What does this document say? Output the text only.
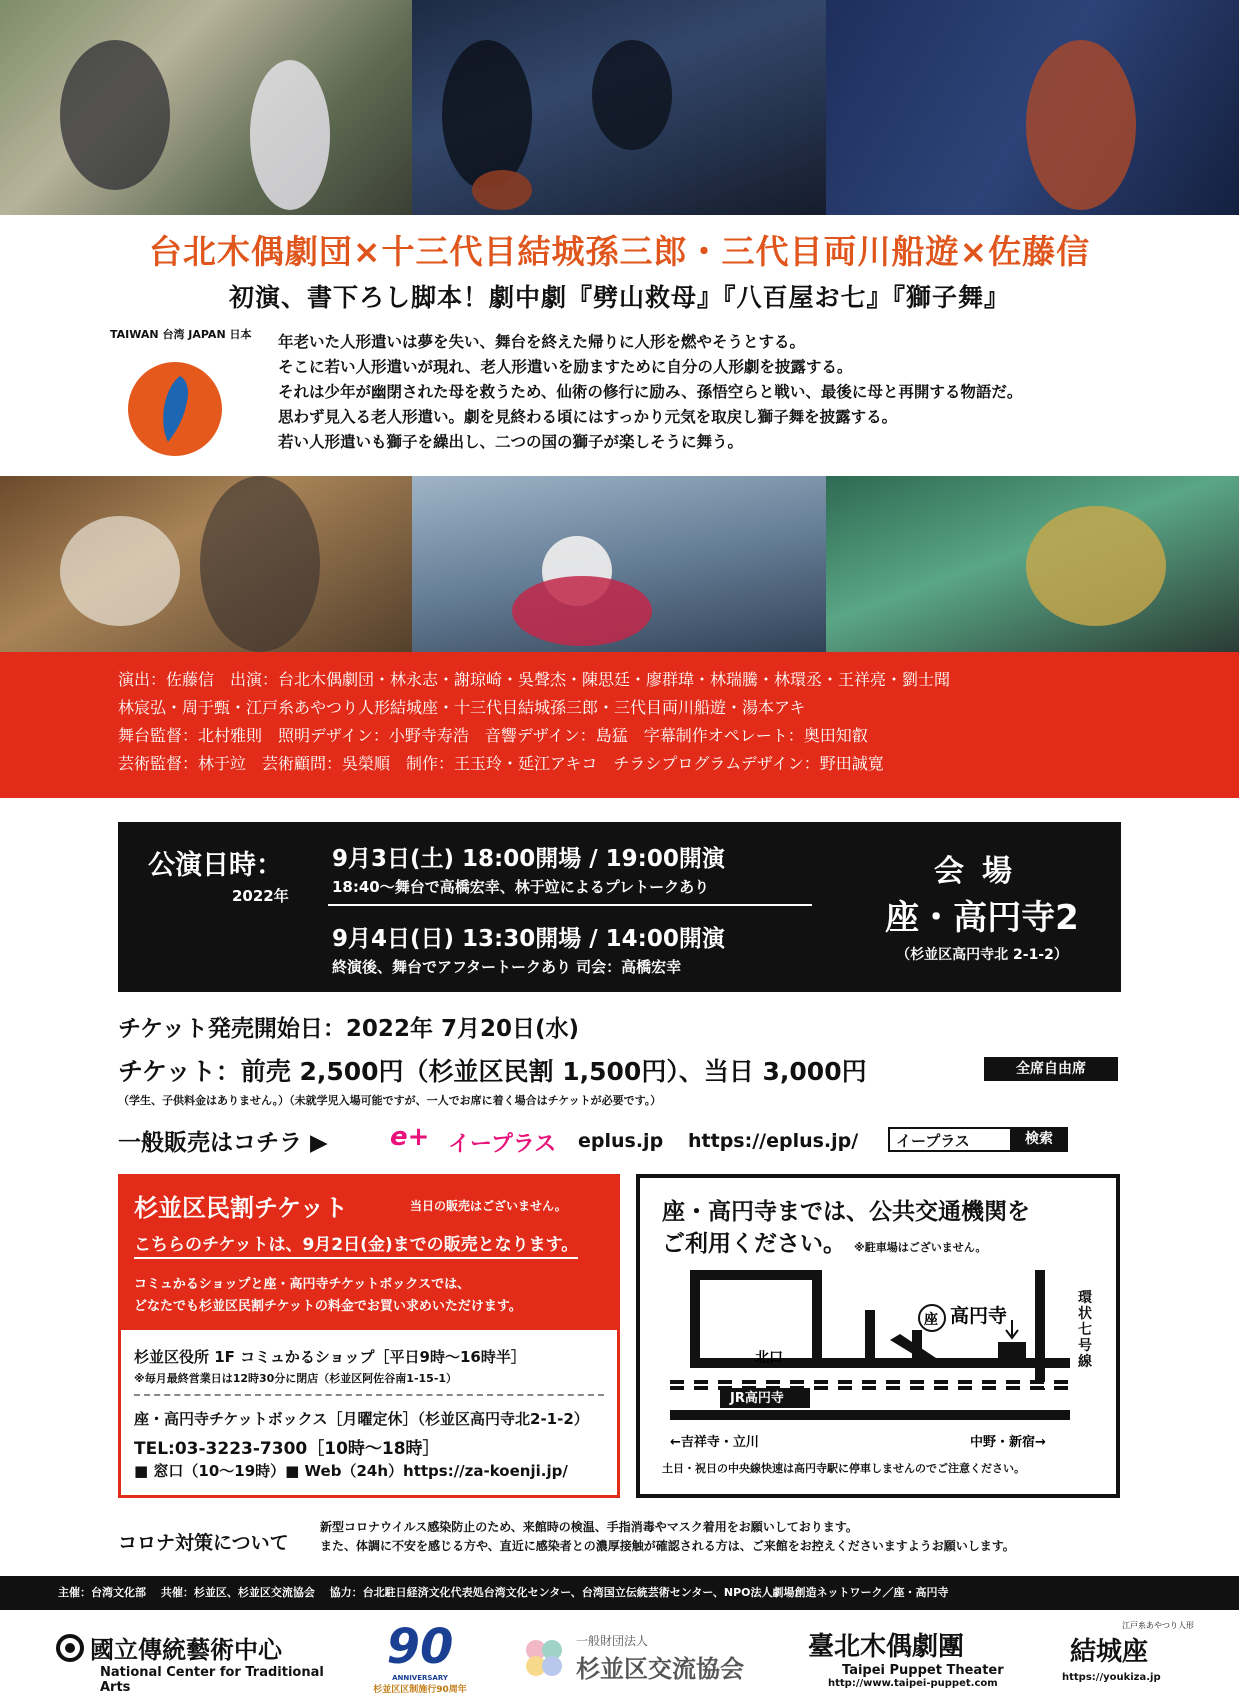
台北木偶劇団×十三代目結城孫三郎・三代目両川船遊×佐藤信
初演、書下ろし脚本！劇中劇『劈山救母』『八百屋お七』『獅子舞』
TAIWAN 台湾 JAPAN 日本 年老いた人形遣いは夢を失い、舞台を終えた帰りに人形を燃やそうとする。
そこに若い人形遣いが現れ、老人形遣いを励ますために自分の人形劇を披露する。
それは少年が幽閉された母を救うため、仙術の修行に励み、孫悟空らと戦い、最後に母と再開する物語だ。
思わず見入る老人形遣い。劇を見終わる頃にはすっかり元気を取戻し獅子舞を披露する。
若い人形遣いも獅子を繰出し、二つの国の獅子が楽しそうに舞う。
演出：佐藤信　出演：台北木偶劇団・林永志・謝琼崎・吳聲杰・陳思廷・廖群瑋・林瑞騰・林環丞・王祥亮・劉士聞
林宸弘・周于甄・江戸糸あやつり人形結城座・十三代目結城孫三郎・三代目両川船遊・湯本アキ
舞台監督：北村雅則　照明デザイン：小野寺寿浩　音響デザイン：島猛　字幕制作オペレート：奥田知叡
芸術監督：林于竝　芸術顧問：吳榮順　制作：王玉玲・延江アキコ　チラシプログラムデザイン：野田誠寛
公演日時：
2022年
9月3日(土) 18:00開場 / 19:00開演
18:40～舞台で高橋宏幸、林于竝によるプレトークあり
9月4日(日) 13:30開場 / 14:00開演
終演後、舞台でアフタートークあり 司会：高橋宏幸
会場
座・高円寺2
（杉並区高円寺北 2-1-2）
チケット発売開始日：2022年 7月20日(水)
チケット：前売 2,500円（杉並区民割 1,500円）、当日 3,000円	全席自由席
（学生、子供料金はありません。）（未就学児入場可能ですが、一人でお席に着く場合はチケットが必要です。）
一般販売はコチラ ▶ e+ イープラス eplus.jp https://eplus.jp/	イープラス	検索
杉並区民割チケット	当日の販売はございません。
こちらのチケットは、9月2日(金)までの販売となります。
コミュかるショップと座・高円寺チケットボックスでは、
どなたでも杉並区民割チケットの料金でお買い求めいただけます。
杉並区役所 1F コミュかるショップ［平日9時～16時半］
※毎月最終営業日は12時30分に閉店（杉並区阿佐谷南1-15-1）
座・高円寺チケットボックス［月曜定休］（杉並区高円寺北2-1-2）
TEL:03-3223-7300［10時～18時］
■ 窓口（10～19時）■ Web（24h）https://za-koenji.jp/
座・高円寺までは、公共交通機関を
ご利用ください。 ※駐車場はございません。
北口
JR高円寺
座 高円寺
←吉祥寺・立川	中野・新宿→
環状七号線
土日・祝日の中央線快速は高円寺駅に停車しませんのでご注意ください。
コロナ対策について
新型コロナウイルス感染防止のため、来館時の検温、手指消毒やマスク着用をお願いしております。
また、体調に不安を感じる方や、直近に感染者との濃厚接触が確認される方は、ご来館をお控えくださいますようお願いします。
主催：台湾文化部　 共催：杉並区、杉並区交流協会　 協力：台北駐日経済文化代表処台湾文化センター、台湾国立伝統芸術センター、NPO法人劇場創造ネットワーク／座・高円寺
國立傳統藝術中心
National Center for Traditional Arts
90
ANNIVERSARY
杉並区区制施行90周年
一般財団法人
杉並区交流協会
臺北木偶劇團
Taipei Puppet Theater
http://www.taipei-puppet.com
江戸糸あやつり人形
結城座
https://youkiza.jp
